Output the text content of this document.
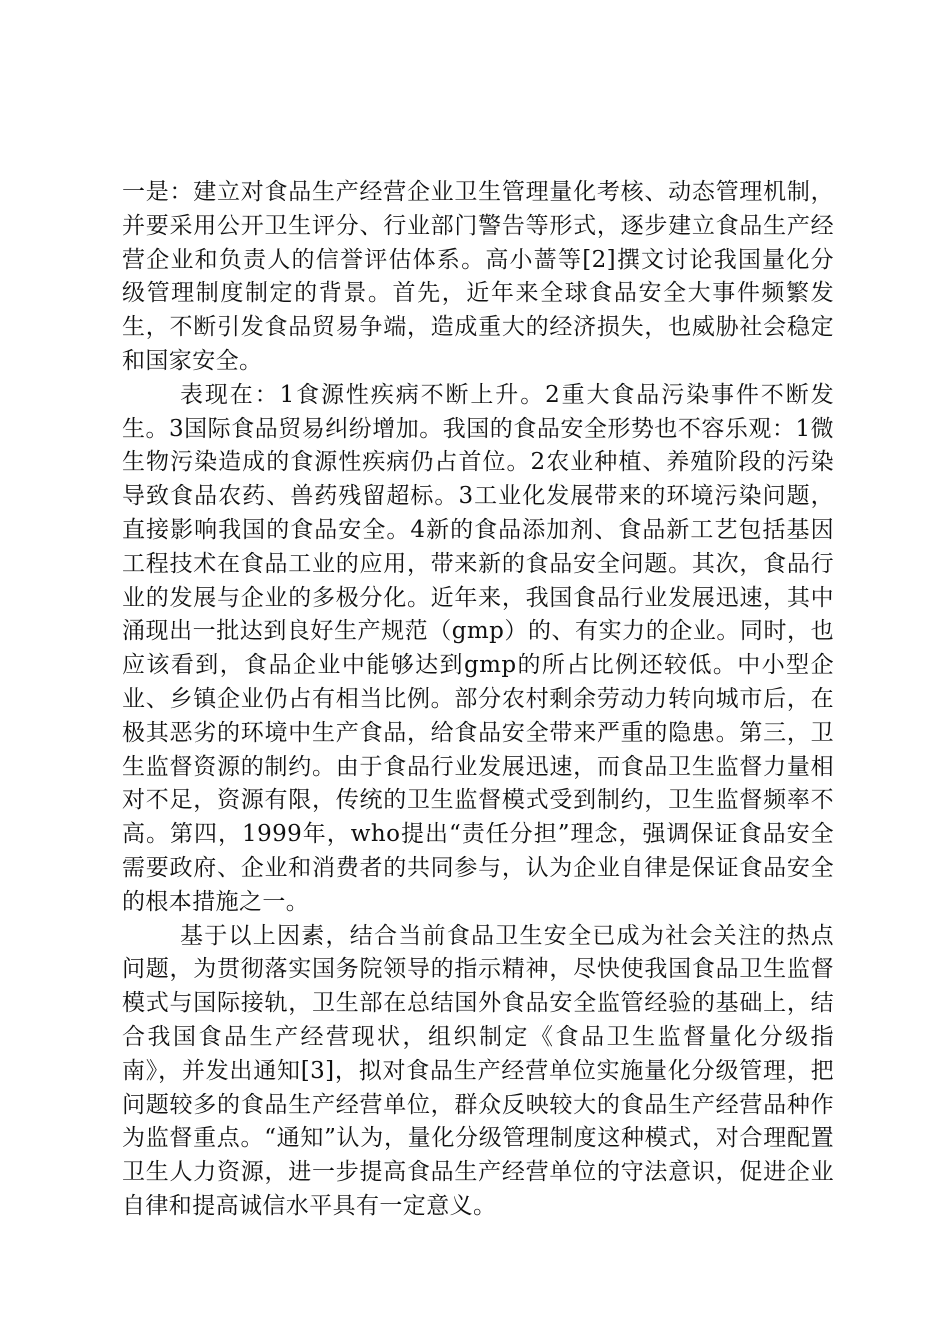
一是：建立对食品生产经营企业卫生管理量化考核、动态管理机制，并要采用公开卫生评分、行业部门警告等形式，逐步建立食品生产经营企业和负责人的信誉评估体系。高小蔷等[2]撰文讨论我国量化分级管理制度制定的背景。首先，近年来全球食品安全大事件频繁发生，不断引发食品贸易争端，造成重大的经济损失，也威胁社会稳定和国家安全。

表现在：1食源性疾病不断上升。2重大食品污染事件不断发生。3国际食品贸易纠纷增加。我国的食品安全形势也不容乐观：1微生物污染造成的食源性疾病仍占首位。2农业种植、养殖阶段的污染导致食品农药、兽药残留超标。3工业化发展带来的环境污染问题，直接影响我国的食品安全。4新的食品添加剂、食品新工艺包括基因工程技术在食品工业的应用，带来新的食品安全问题。其次，食品行业的发展与企业的多极分化。近年来，我国食品行业发展迅速，其中涌现出一批达到良好生产规范（gmp）的、有实力的企业。同时，也应该看到，食品企业中能够达到gmp的所占比例还较低。中小型企业、乡镇企业仍占有相当比例。部分农村剩余劳动力转向城市后，在极其恶劣的环境中生产食品，给食品安全带来严重的隐患。第三，卫生监督资源的制约。由于食品行业发展迅速，而食品卫生监督力量相对不足，资源有限，传统的卫生监督模式受到制约，卫生监督频率不高。第四，1999年，who提出“责任分担”理念，强调保证食品安全需要政府、企业和消费者的共同参与，认为企业自律是保证食品安全的根本措施之一。

基于以上因素，结合当前食品卫生安全已成为社会关注的热点问题，为贯彻落实国务院领导的指示精神，尽快使我国食品卫生监督模式与国际接轨，卫生部在总结国外食品安全监管经验的基础上，结合我国食品生产经营现状，组织制定《食品卫生监督量化分级指南》，并发出通知[3]，拟对食品生产经营单位实施量化分级管理，把问题较多的食品生产经营单位，群众反映较大的食品生产经营品种作为监督重点。“通知”认为，量化分级管理制度这种模式，对合理配置卫生人力资源，进一步提高食品生产经营单位的守法意识，促进企业自律和提高诚信水平具有一定意义。
